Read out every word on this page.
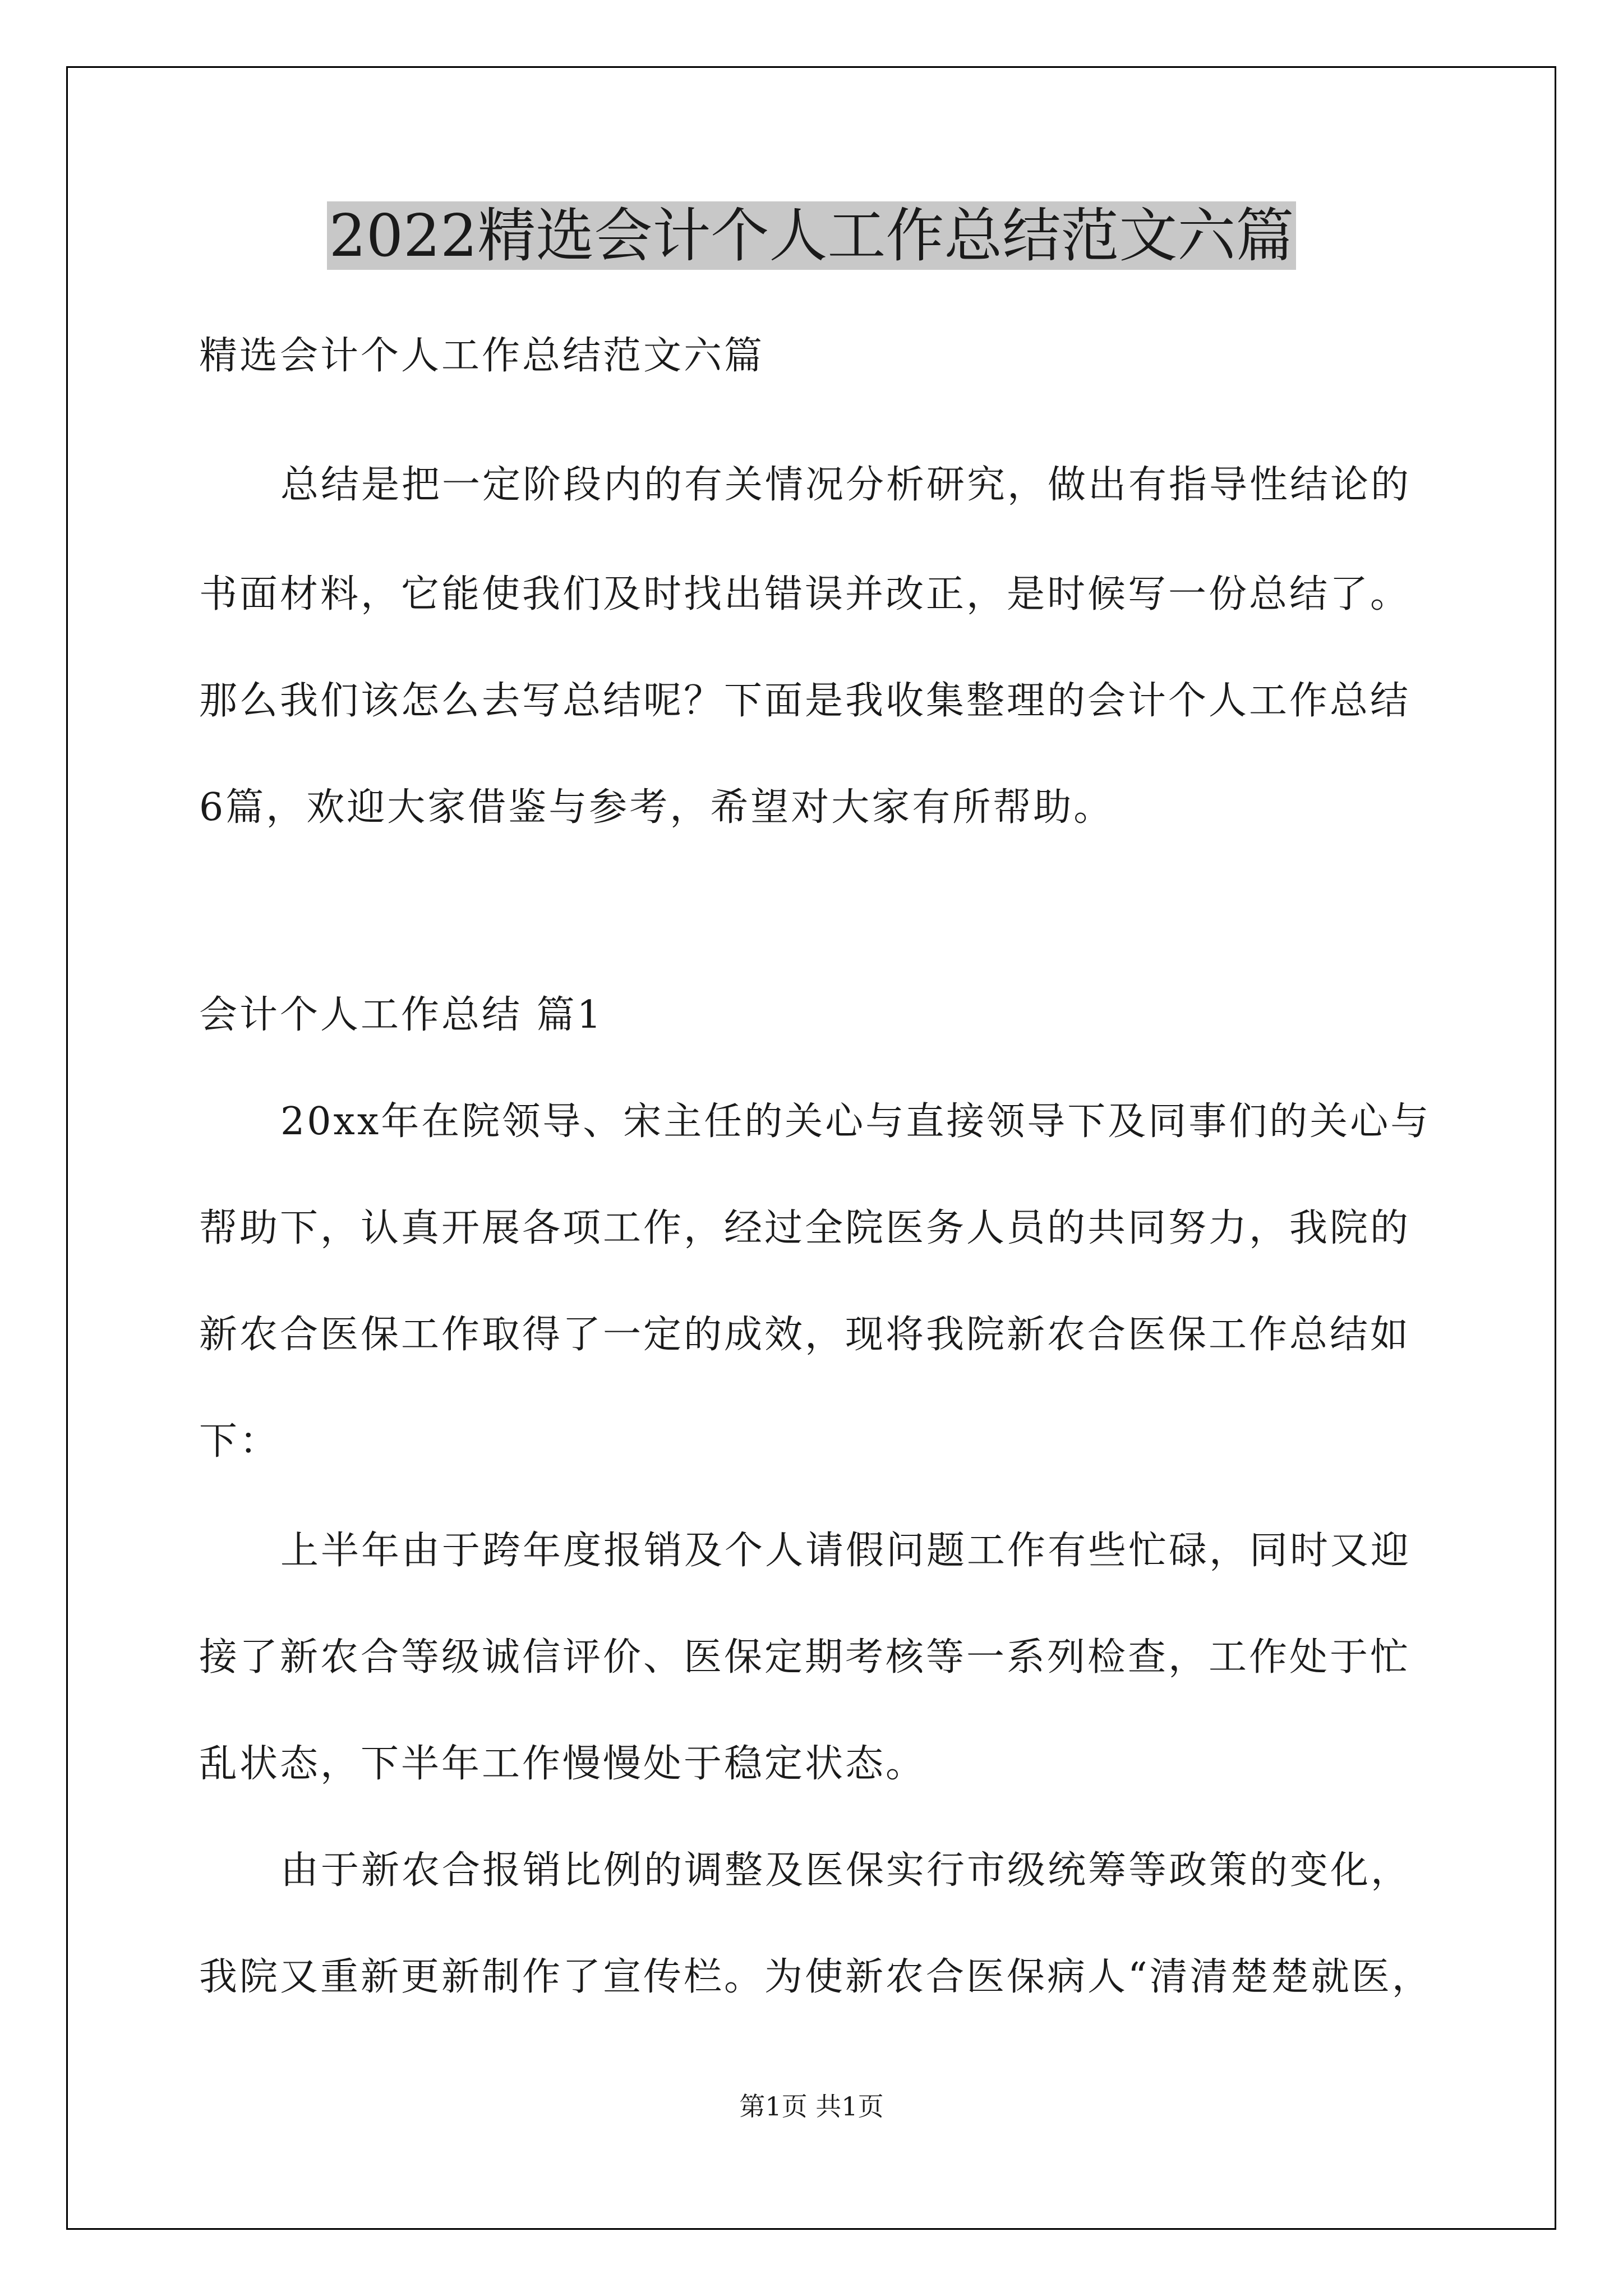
2022精选会计个人工作总结范文六篇

精选会计个人工作总结范文六篇

总结是把一定阶段内的有关情况分析研究，做出有指导性结论的

书面材料，它能使我们及时找出错误并改正，是时候写一份总结了。

那么我们该怎么去写总结呢？下面是我收集整理的会计个人工作总结

6篇，欢迎大家借鉴与参考，希望对大家有所帮助。

会计个人工作总结 篇1

20xx年在院领导、宋主任的关心与直接领导下及同事们的关心与

帮助下，认真开展各项工作，经过全院医务人员的共同努力，我院的

新农合医保工作取得了一定的成效，现将我院新农合医保工作总结如

下：

上半年由于跨年度报销及个人请假问题工作有些忙碌，同时又迎

接了新农合等级诚信评价、医保定期考核等一系列检查，工作处于忙

乱状态，下半年工作慢慢处于稳定状态。

由于新农合报销比例的调整及医保实行市级统筹等政策的变化，

我院又重新更新制作了宣传栏。为使新农合医保病人“清清楚楚就医，

第1页 共1页
